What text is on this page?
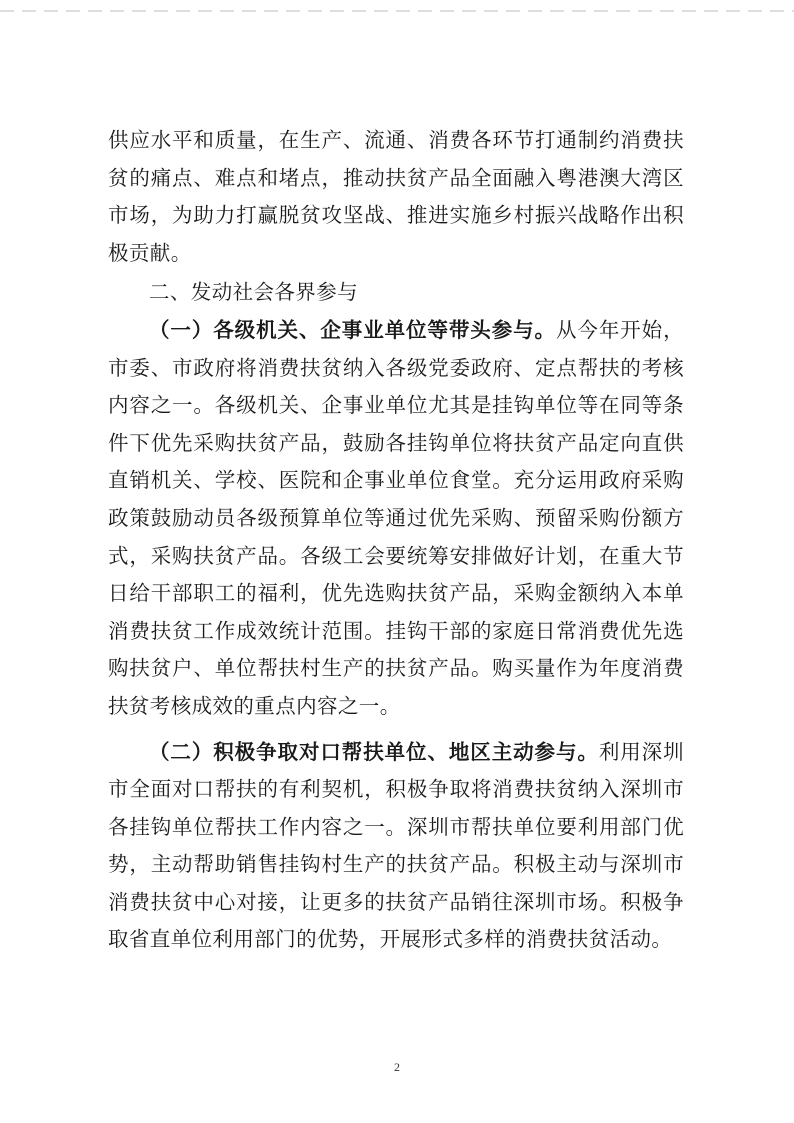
供应水平和质量，在生产、流通、消费各环节打通制约消费扶贫的痛点、难点和堵点，推动扶贫产品全面融入粤港澳大湾区市场，为助力打赢脱贫攻坚战、推进实施乡村振兴战略作出积极贡献。

二、发动社会各界参与

（一）各级机关、企事业单位等带头参与。从今年开始，市委、市政府将消费扶贫纳入各级党委政府、定点帮扶的考核内容之一。各级机关、企事业单位尤其是挂钩单位等在同等条件下优先采购扶贫产品，鼓励各挂钩单位将扶贫产品定向直供直销机关、学校、医院和企事业单位食堂。充分运用政府采购政策鼓励动员各级预算单位等通过优先采购、预留采购份额方式，采购扶贫产品。各级工会要统筹安排做好计划，在重大节日给干部职工的福利，优先选购扶贫产品，采购金额纳入本单消费扶贫工作成效统计范围。挂钩干部的家庭日常消费优先选购扶贫户、单位帮扶村生产的扶贫产品。购买量作为年度消费扶贫考核成效的重点内容之一。

（二）积极争取对口帮扶单位、地区主动参与。利用深圳市全面对口帮扶的有利契机，积极争取将消费扶贫纳入深圳市各挂钩单位帮扶工作内容之一。深圳市帮扶单位要利用部门优势，主动帮助销售挂钩村生产的扶贫产品。积极主动与深圳市消费扶贫中心对接，让更多的扶贫产品销往深圳市场。积极争取省直单位利用部门的优势，开展形式多样的消费扶贫活动。

2
